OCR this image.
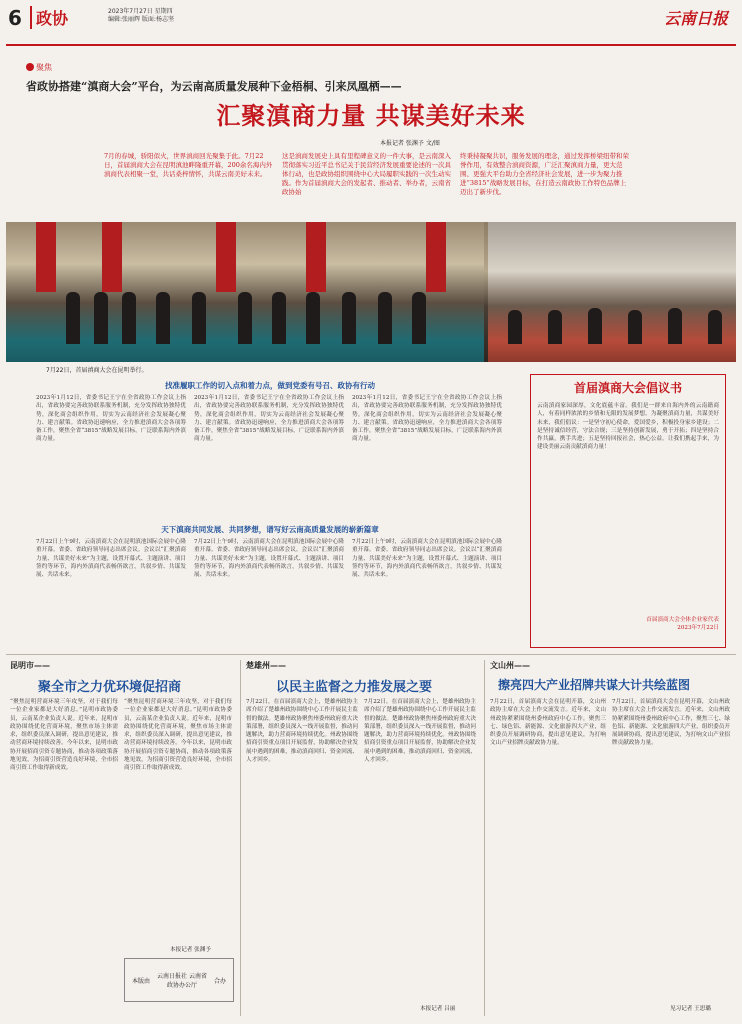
6 政协	2023年7月27日 星期四
编辑:张丽辉 版面:杨志坚	云南日报
聚焦
省政协搭建“滇商大会”平台，为云南高质量发展种下金梧桐、引来凤凰栖——
汇聚滇商力量 共谋美好未来
本报记者 张渊予 文/图
7月的春城，骄阳似火，世界滇商回光聚集于此。7月22日，首届滇商大会在昆明滇池畔隆重开幕，200余名海内外滇商代表相聚一堂，共话桑梓情怀，共谋云南美好未来。
这是滇商发展史上具有里程碑意义的一件大事，是云南深入贯彻落实习近平总书记关于民营经济发展重要论述的一次具体行动，也是政协组织围绕中心大局履职实践的一次生动实践。作为首届滇商大会的发起者、推动者、举办者，云南省政协始
终秉持凝聚共识，服务发展的理念，通过发挥桥梁纽带和荣誉作用，有效整合滇商资源，广泛汇聚滇商力量，更大范围、更强大平台助力全省经济社会发展，进一步为聚力推进“3815”战略发展目标，在打造云南政协工作特色品牌上迈出了新步伐。
7月22日，首届滇商大会在昆明举行。
找准履职工作的切入点和着力点，做到党委有号召、政协有行动
2023年1月12日，省委书记王宁在全省政协工作会议上指出，省政协要完善政协联系服务机制，充分发挥政协独特优势，深化商会组织作用，切实为云南经济社会发展凝心聚力、建言献策。省政协迅速响应，全力推进滇商大会各项筹备工作，聚焦全省“3815”战略发展目标，广泛联系海内外滇商力量。
2023年1月12日，省委书记王宁在全省政协工作会议上指出，省政协要完善政协联系服务机制，充分发挥政协独特优势，深化商会组织作用，切实为云南经济社会发展凝心聚力、建言献策。省政协迅速响应，全力推进滇商大会各项筹备工作，聚焦全省“3815”战略发展目标，广泛联系海内外滇商力量。
2023年1月12日，省委书记王宁在全省政协工作会议上指出，省政协要完善政协联系服务机制，充分发挥政协独特优势，深化商会组织作用，切实为云南经济社会发展凝心聚力、建言献策。省政协迅速响应，全力推进滇商大会各项筹备工作，聚焦全省“3815”战略发展目标，广泛联系海内外滇商力量。
天下滇商共同发展、共同梦想，谱写好云南高质量发展的崭新篇章
7月22日上午9时，云南滇商大会在昆明滇池国际会展中心隆重开幕。省委、省政府领导同志出席会议。会议以“汇聚滇商力量、共谋美好未来”为主题，设置开幕式、主题演讲、项目签约等环节，海内外滇商代表畅所欲言，共叙乡情、共谋发展、共话未来。
7月22日上午9时，云南滇商大会在昆明滇池国际会展中心隆重开幕。省委、省政府领导同志出席会议。会议以“汇聚滇商力量、共谋美好未来”为主题，设置开幕式、主题演讲、项目签约等环节，海内外滇商代表畅所欲言，共叙乡情、共谋发展、共话未来。
7月22日上午9时，云南滇商大会在昆明滇池国际会展中心隆重开幕。省委、省政府领导同志出席会议。会议以“汇聚滇商力量、共谋美好未来”为主题，设置开幕式、主题演讲、项目签约等环节，海内外滇商代表畅所欲言，共叙乡情、共谋发展、共话未来。
首届滇商大会倡议书
云南滇商家园深厚，文化底蕴丰富。我们是一群来自海内外的云南籍商人，有着同样浓浓的乡情和无限的发展梦想。为凝聚滇商力量，共谋美好未来，我们倡议：一是坚守初心使命，爱国爱乡，积极投身家乡建设；二是坚持诚信经营，守法合规；三是坚持创新发展，勇于开拓；四是坚持合作共赢，携手共进；五是坚持回报社会，热心公益。让我们携起手来，为建设美丽云南贡献滇商力量！
首届滇商大会全体企业家代表
2023年7月22日
昆明市——
聚全市之力优环境促招商
“聚焦昆明营商环境三年攻坚，对于我们每一位企业家都是大好消息。”昆明市政协委员，云南某企业负责人说。近年来，昆明市政协围绕优化营商环境，聚焦市场主体需求，组织委员深入调研，提出意见建议，推动营商环境持续改善。今年以来，昆明市政协开展招商引资专题协商，推动各项政策落地见效，为招商引资营造良好环境，全市招商引资工作取得新成效。
“聚焦昆明营商环境三年攻坚，对于我们每一位企业家都是大好消息。”昆明市政协委员，云南某企业负责人说。近年来，昆明市政协围绕优化营商环境，聚焦市场主体需求，组织委员深入调研，提出意见建议，推动营商环境持续改善。今年以来，昆明市政协开展招商引资专题协商，推动各项政策落地见效，为招商引资营造良好环境，全市招商引资工作取得新成效。
本报记者 张渊予
本版由
云南日报社 云南省政协办公厅
合办
楚雄州——
以民主监督之力推发展之要
7月22日，在首届滇商大会上，楚雄州政协主席介绍了楚雄州政协围绕中心工作开展民主监督的做法。楚雄州政协聚焦州委州政府重大决策部署，组织委员深入一线开展监督，推动问题解决，助力营商环境持续优化。州政协围绕招商引资重点项目开展监督，协助解决企业发展中遇到的困难，推动滇商回归、资金回流、人才回乡。
7月22日，在首届滇商大会上，楚雄州政协主席介绍了楚雄州政协围绕中心工作开展民主监督的做法。楚雄州政协聚焦州委州政府重大决策部署，组织委员深入一线开展监督，推动问题解决，助力营商环境持续优化。州政协围绕招商引资重点项目开展监督，协助解决企业发展中遇到的困难，推动滇商回归、资金回流、人才回乡。
本报记者 吕丽
文山州——
擦亮四大产业招牌共谋大计共绘蓝图
7月22日，首届滇商大会在昆明开幕，文山州政协主席在大会上作交流发言。近年来，文山州政协紧紧围绕州委州政府中心工作，聚焦三七、绿色铝、新能源、文化旅游四大产业，组织委员开展调研协商，提出意见建议，为打响文山产业招牌贡献政协力量。
7月22日，首届滇商大会在昆明开幕，文山州政协主席在大会上作交流发言。近年来，文山州政协紧紧围绕州委州政府中心工作，聚焦三七、绿色铝、新能源、文化旅游四大产业，组织委员开展调研协商，提出意见建议，为打响文山产业招牌贡献政协力量。
见习记者 王思璐
